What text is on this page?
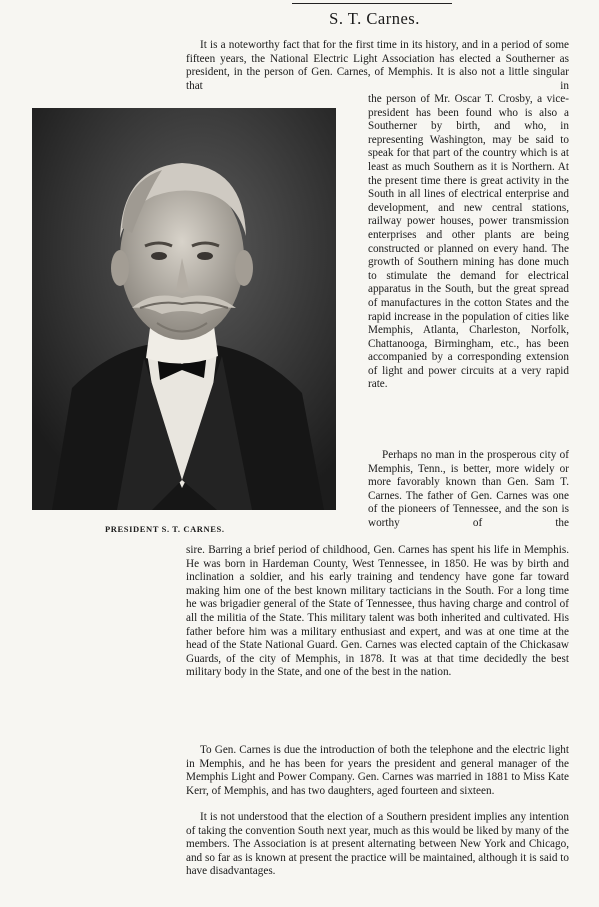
S. T. Carnes.

It is a noteworthy fact that for the first time in its history, and in a period of some fifteen years, the National Electric Light Association has elected a Southerner as president, in the person of Gen. Carnes, of Memphis. It is also not a little singular that in

PRESIDENT S. T. CARNES.

the person of Mr. Oscar T. Crosby, a vice-president has been found who is also a Southerner by birth, and who, in representing Washington, may be said to speak for that part of the country which is at least as much Southern as it is Northern. At the present time there is great activity in the South in all lines of electrical enterprise and development, and new central stations, railway power houses, power transmission enterprises and other plants are being constructed or planned on every hand. The growth of Southern mining has done much to stimulate the demand for electrical apparatus in the South, but the great spread of manufactures in the cotton States and the rapid increase in the population of cities like Memphis, Atlanta, Charleston, Norfolk, Chattanooga, Birmingham, etc., has been accompanied by a corresponding extension of light and power circuits at a very rapid rate.

Perhaps no man in the prosperous city of Memphis, Tenn., is better, more widely or more favorably known than Gen. Sam T. Carnes. The father of Gen. Carnes was one of the pioneers of Tennessee, and the son is worthy of the

sire. Barring a brief period of childhood, Gen. Carnes has spent his life in Memphis. He was born in Hardeman County, West Tennessee, in 1850. He was by birth and inclination a soldier, and his early training and tendency have gone far toward making him one of the best known military tacticians in the South. For a long time he was brigadier general of the State of Tennessee, thus having charge and control of all the militia of the State. This military talent was both inherited and cultivated. His father before him was a military enthusiast and expert, and was at one time at the head of the State National Guard. Gen. Carnes was elected captain of the Chickasaw Guards, of the city of Memphis, in 1878. It was at that time decidedly the best military body in the State, and one of the best in the nation.

To Gen. Carnes is due the introduction of both the telephone and the electric light in Memphis, and he has been for years the president and general manager of the Memphis Light and Power Company. Gen. Carnes was married in 1881 to Miss Kate Kerr, of Memphis, and has two daughters, aged fourteen and sixteen.

It is not understood that the election of a Southern president implies any intention of taking the convention South next year, much as this would be liked by many of the members. The Association is at present alternating between New York and Chicago, and so far as is known at present the practice will be maintained, although it is said to have disadvantages.
